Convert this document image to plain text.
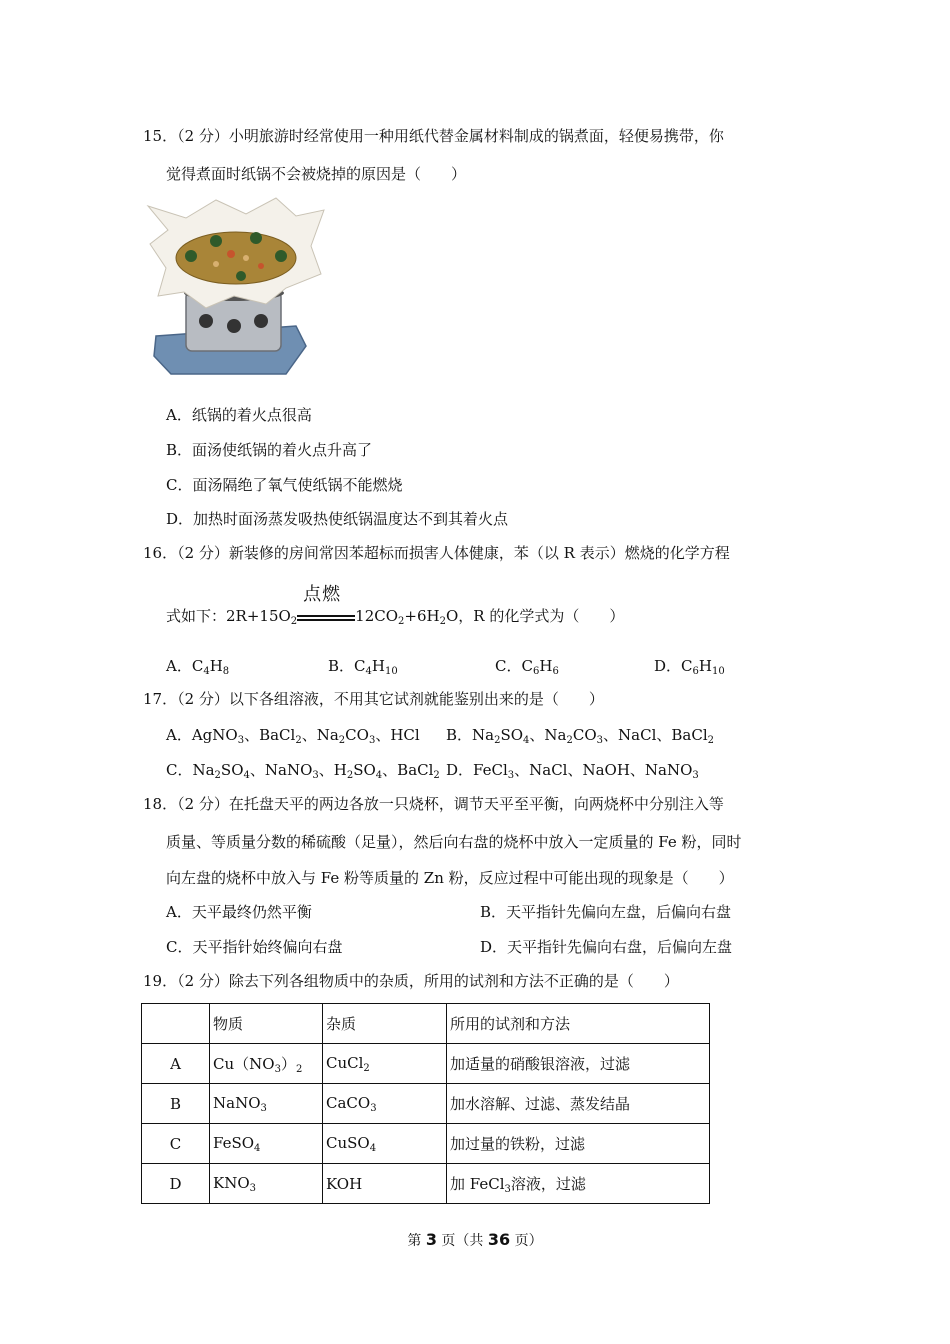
15．（2 分）小明旅游时经常使用一种用纸代替金属材料制成的锅煮面，轻便易携带，你
觉得煮面时纸锅不会被烧掉的原因是（　　）
A．纸锅的着火点很高
B．面汤使纸锅的着火点升高了
C．面汤隔绝了氧气使纸锅不能燃烧
D．加热时面汤蒸发吸热使纸锅温度达不到其着火点
16．（2 分）新装修的房间常因苯超标而损害人体健康，苯（以 R 表示）燃烧的化学方程
式如下：$2R+15O_2$
点燃
$12CO_2+6H_2O$，R 的化学式为（　　）
A．$C_4H_8$	B．$C_4H_{10}$	C．$C_6H_6$	D．$C_6H_{10}$
17．（2 分）以下各组溶液，不用其它试剂就能鉴别出来的是（　　）
A．AgNO$_3$、BaCl$_2$、$Na_2CO_3$、HCl B．$Na_2SO_4$、$Na_2CO_3$、NaCl、BaCl$_2$
C．$Na_2SO_4$、NaNO$_3$、$H_2SO_4$、BaCl$_2$ D．FeCl$_3$、NaCl、NaOH、NaNO$_3$
18．（2 分）在托盘天平的两边各放一只烧杯，调节天平至平衡，向两烧杯中分别注入等
质量、等质量分数的稀硫酸（足量），然后向右盘的烧杯中放入一定质量的 Fe 粉，同时
向左盘的烧杯中放入与 Fe 粉等质量的 Zn 粉，反应过程中可能出现的现象是（　　）
A．天平最终仍然平衡	B．天平指针先偏向左盘，后偏向右盘
C．天平指针始终偏向右盘	D．天平指针先偏向右盘，后偏向左盘
19．（2 分）除去下列各组物质中的杂质，所用的试剂和方法不正确的是（　　）
	物质	杂质	所用的试剂和方法
A	$Cu(NO_3)_2$	CuCl$_2$	加适量的硝酸银溶液，过滤
B	NaNO$_3$	CaCO$_3$	加水溶解、过滤、蒸发结晶
C	FeSO$_4$	CuSO$_4$	加过量的铁粉，过滤
D	$KNO_3$	KOH	加 FeCl$_3$溶液，过滤
第 3 页（共 36 页）
